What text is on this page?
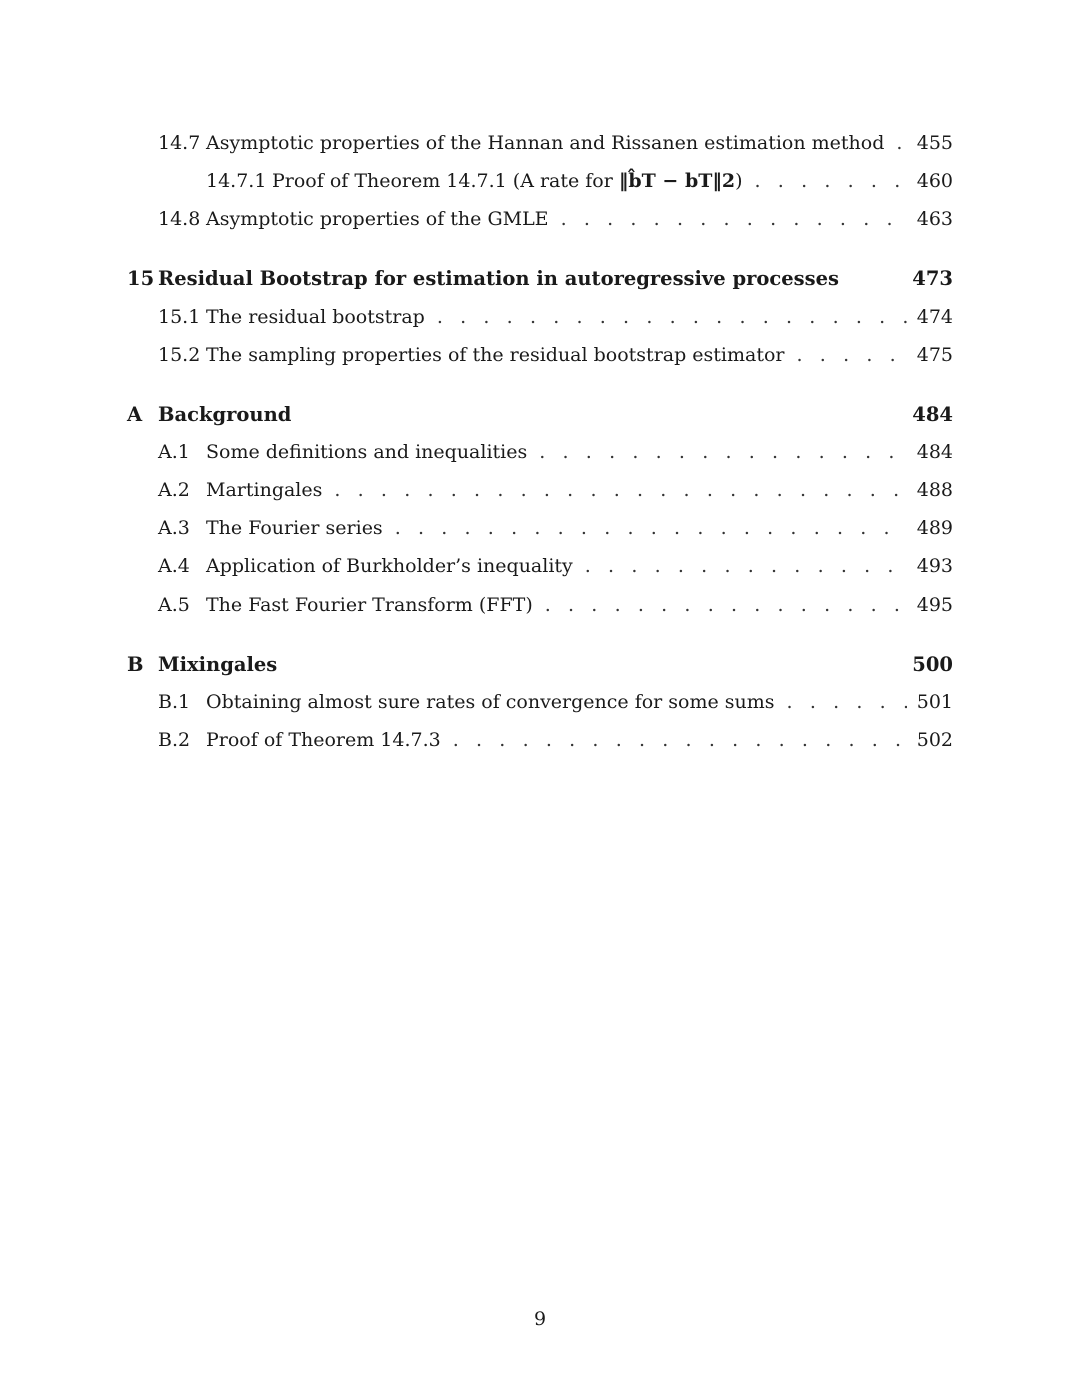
14.7 Asymptotic properties of the Hannan and Rissanen estimation method . . . 455
14.7.1 Proof of Theorem 14.7.1 (A rate for ‖b̂T − bT‖2) . . .	460
14.8 Asymptotic properties of the GMLE . . .	463
15 Residual Bootstrap for estimation in autoregressive processes	473
15.1 The residual bootstrap . . .	474
15.2 The sampling properties of the residual bootstrap estimator . . .	475
A Background	484
A.1 Some definitions and inequalities . . .	484
A.2 Martingales . . .	488
A.3 The Fourier series . . .	489
A.4 Application of Burkholder’s inequality . . .	493
A.5 The Fast Fourier Transform (FFT) . . .	495
B Mixingales	500
B.1 Obtaining almost sure rates of convergence for some sums . . .	501
B.2 Proof of Theorem 14.7.3 . . .	502
9
